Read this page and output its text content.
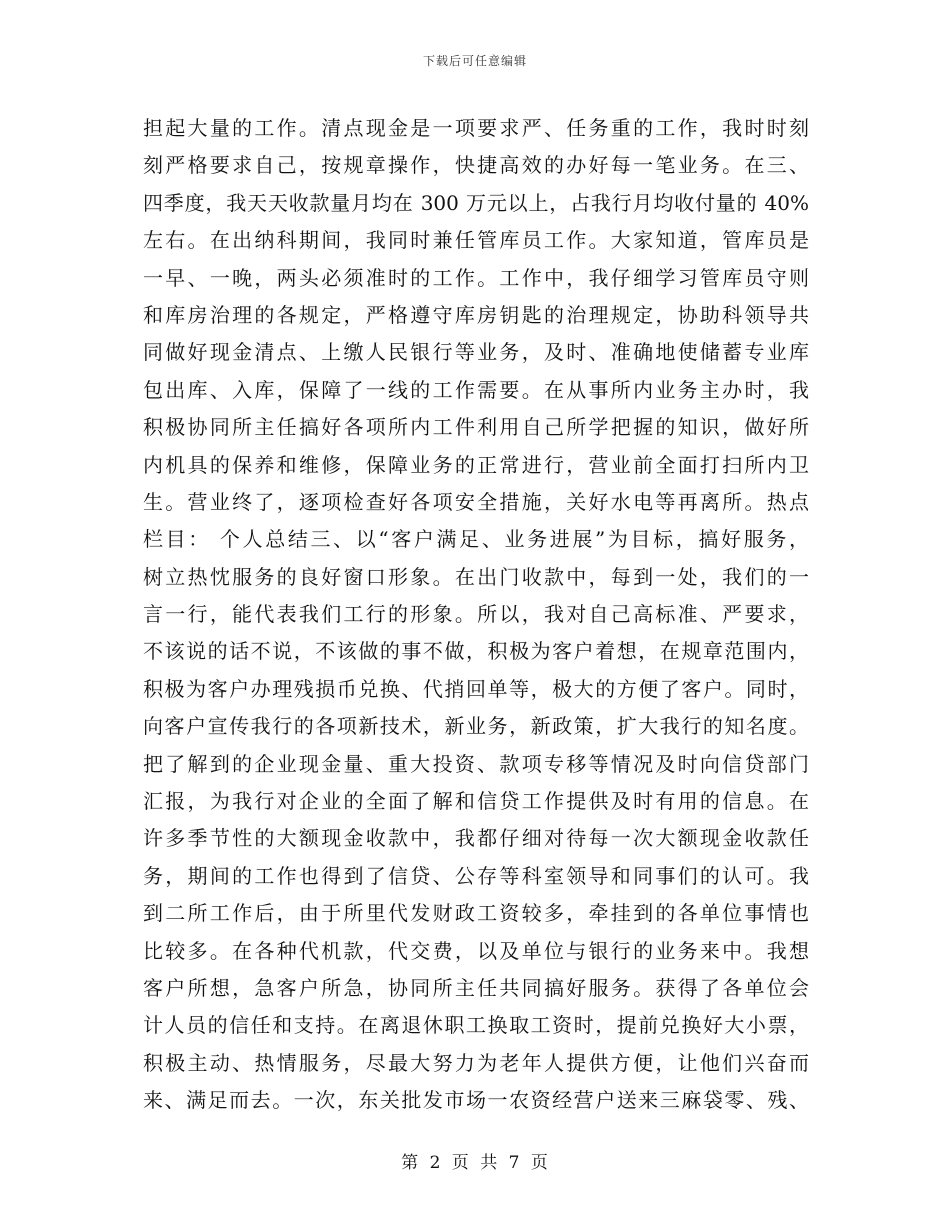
下载后可任意编辑
担起大量的工作。清点现金是一项要求严、任务重的工作，我时时刻
刻严格要求自己，按规章操作，快捷高效的办好每一笔业务。在三、
四季度，我天天收款量月均在 300 万元以上，占我行月均收付量的 40%
左右。在出纳科期间，我同时兼任管库员工作。大家知道，管库员是
一早、一晚，两头必须准时的工作。工作中，我仔细学习管库员守则
和库房治理的各规定，严格遵守库房钥匙的治理规定，协助科领导共
同做好现金清点、上缴人民银行等业务，及时、准确地使储蓄专业库
包出库、入库，保障了一线的工作需要。在从事所内业务主办时，我
积极协同所主任搞好各项所内工件利用自己所学把握的知识，做好所
内机具的保养和维修，保障业务的正常进行，营业前全面打扫所内卫
生。营业终了，逐项检查好各项安全措施，关好水电等再离所。热点
栏目： 个人总结三、以“客户满足、业务进展”为目标，搞好服务，
树立热忱服务的良好窗口形象。在出门收款中，每到一处，我们的一
言一行，能代表我们工行的形象。所以，我对自己高标准、严要求，
不该说的话不说，不该做的事不做，积极为客户着想，在规章范围内，
积极为客户办理残损币兑换、代捎回单等，极大的方便了客户。同时，
向客户宣传我行的各项新技术，新业务，新政策，扩大我行的知名度。
把了解到的企业现金量、重大投资、款项专移等情况及时向信贷部门
汇报，为我行对企业的全面了解和信贷工作提供及时有用的信息。在
许多季节性的大额现金收款中，我都仔细对待每一次大额现金收款任
务，期间的工作也得到了信贷、公存等科室领导和同事们的认可。我
到二所工作后，由于所里代发财政工资较多，牵挂到的各单位事情也
比较多。在各种代机款，代交费，以及单位与银行的业务来中。我想
客户所想，急客户所急，协同所主任共同搞好服务。获得了各单位会
计人员的信任和支持。在离退休职工换取工资时，提前兑换好大小票，
积极主动、热情服务，尽最大努力为老年人提供方便，让他们兴奋而
来、满足而去。一次，东关批发市场一农资经营户送来三麻袋零、残、
第 2 页 共 7 页
